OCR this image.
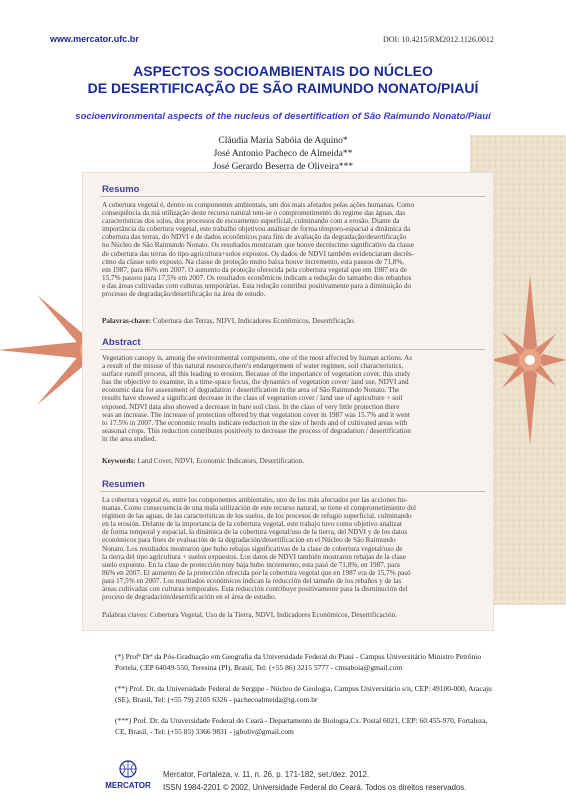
www.mercator.ufc.br	DOI: 10.4215/RM2012.1126.0012
ASPECTOS SOCIOAMBIENTAIS DO NÚCLEO
DE DESERTIFICAÇÃO DE SÃO RAIMUNDO NONATO/PIAUÍ
socioenvironmental aspects of the nucleus of desertification of São Raimundo Nonato/Piauí
Cláudia Maria Sabóia de Aquino*
José Antonio Pacheco de Almeida**
José Gerardo Beserra de Oliveira***
Resumo
A cobertura vegetal é, dentre os componentes ambientais, um dos mais afetados pelas ações humanas. Como
consequência da má utilização deste recurso natural tem-se o comprometimento do regime das águas, das
características dos solos, dos processos de escoamento superficial, culminando com a erosão. Diante da
importância da cobertura vegetal, este trabalho objetivou analisar de forma têmporo-espacial a dinâmica da
cobertura das terras, do NDVI e de dados econômicos para fins de avaliação da degradação/desertificação
no Núcleo de São Raimundo Nonato. Os resultados mostraram que houve decréscimo significativo da classe
de cobertura das terras do tipo agricultura+solos expostos. Os dados de NDVI também evidenciaram decrés-
cimo da classe solo exposto. Na classe de proteção muito baixa houve incremento, esta passou de 71,8%,
em 1987, para 86% em 2007. O aumento da proteção oferecida pela cobertura vegetal que em 1987 era de
15,7% passou para 17,5% em 2007. Os resultados econômicos indicam a redução do tamanho dos rebanhos
e das áreas cultivadas com culturas temporárias. Esta redução contribui positivamente para a diminuição do
processo de degradação/desertificação na área de estudo.
Palavras-chave: Cobertura das Terras, NDVI, Indicadores Econômicos, Desertificação.
Abstract
Vegetation canopy is, among the environmental components, one of the most affected by human actions. As
a result of the misuse of this natural resource,there's endangerment of water regimen, soil characteristics,
surface runoff process, all this leading to erosion. Because of the importance of vegetation cover, this study
has the objective to examine, in a time-space focus, the dynamics of vegetation cover/ land use, NDVI and
economic data for assessment of degradation / desertification in the area of São Raimundo Nonato. The
results have showed a significant decrease in the class of vegetation cover / land use of agriculture + soil
exposed. NDVI data also showed a decrease in bare soil class. In the class of very little protection there
was an increase. The increase of protection offered by that vegetation cover in 1987 was 15.7% and it went
to 17.5% in 2007. The economic results indicate reduction in the size of herds and of cultivated areas with
seasonal crops. This reduction contributes positively to decrease the process of degradation / desertification
in the area studied.
Keywords: Land Cover, NDVI, Economic Indicators, Desertification.
Resumen
La cobertura vegetal es, entre los componentes ambientales, uno de los más afectados por las acciones hu-
manas. Como consecuencia de una mala utilización de este recurso natural, se tiene el comprometimiento del
régimen de las aguas, de las características de los suelos, de los procesos de refugio superficial, culminando
en la erosión. Delante de la importancia de la cobertura vegetal, este trabajo tuvo como objetivo analizar
de forma temporal y espacial, la dinámica de la cobertura vegetal/uso de la tierra, del NDVI y de los datos
económicos para fines de evaluación de la degradación/desertificación en el Núcleo de São Raimundo
Nonato. Los resultados mostraron que hubo rebajas significativas de la clase de cobertura vegetal/uso de
la tierra del tipo agricultura + suelos expuestos. Los datos de NDVI también mostraron rebajas de la clase
suelo expuesto. En la clase de protección muy baja hubo incremento, esta pasó de 71,8%, en 1987, para
86% en 2007. El aumento de la protección ofrecida por la cobertura vegetal que en 1987 era de 15,7% pasó
para 17,5% en 2007. Los resultados económicos indican la reducción del tamaño de los rebaños y de las
áreas cultivadas con culturas temporales. Esta reducción contribuye positivamente para la disminución del
proceso de degradación/desertificación en el área de estudio.
Palabras claves: Cobertura Vegetal, Uso de la Tierra, NDVI, Indicadores Económicos, Desertificación.
(*) Profª Drª da Pós-Graduação em Geografia da Universidade Federal do Piauí - Campus Universitário Ministro Petrônio
Portela, CEP 64049-550, Teresina (PI), Brasil, Tel: (+55 86) 3215 5777 - cmsaboia@gmail.com
(**) Prof. Dr. da Universidade Federal de Sergipe - Núcleo de Geologia, Campus Universitário s/n, CEP: 49100-000, Aracaju
(SE), Brasil, Tel: (+55 79) 2105 6326 - pachecoalmeida@ig.com.br
(***) Prof. Dr. da Universidade Federal do Ceará - Departamento de Biologia,Cx. Postal 6021, CEP: 60.455-970, Fortaleza,
CE, Brasil, - Tel: (+55 85) 3366 9831 - jgboliv@gmail.com
MERCATOR
Mercator, Fortaleza, v. 11, n. 26, p. 171-182, set./dez. 2012.
ISSN 1984-2201 © 2002, Universidade Federal do Ceará. Todos os direitos reservados.
